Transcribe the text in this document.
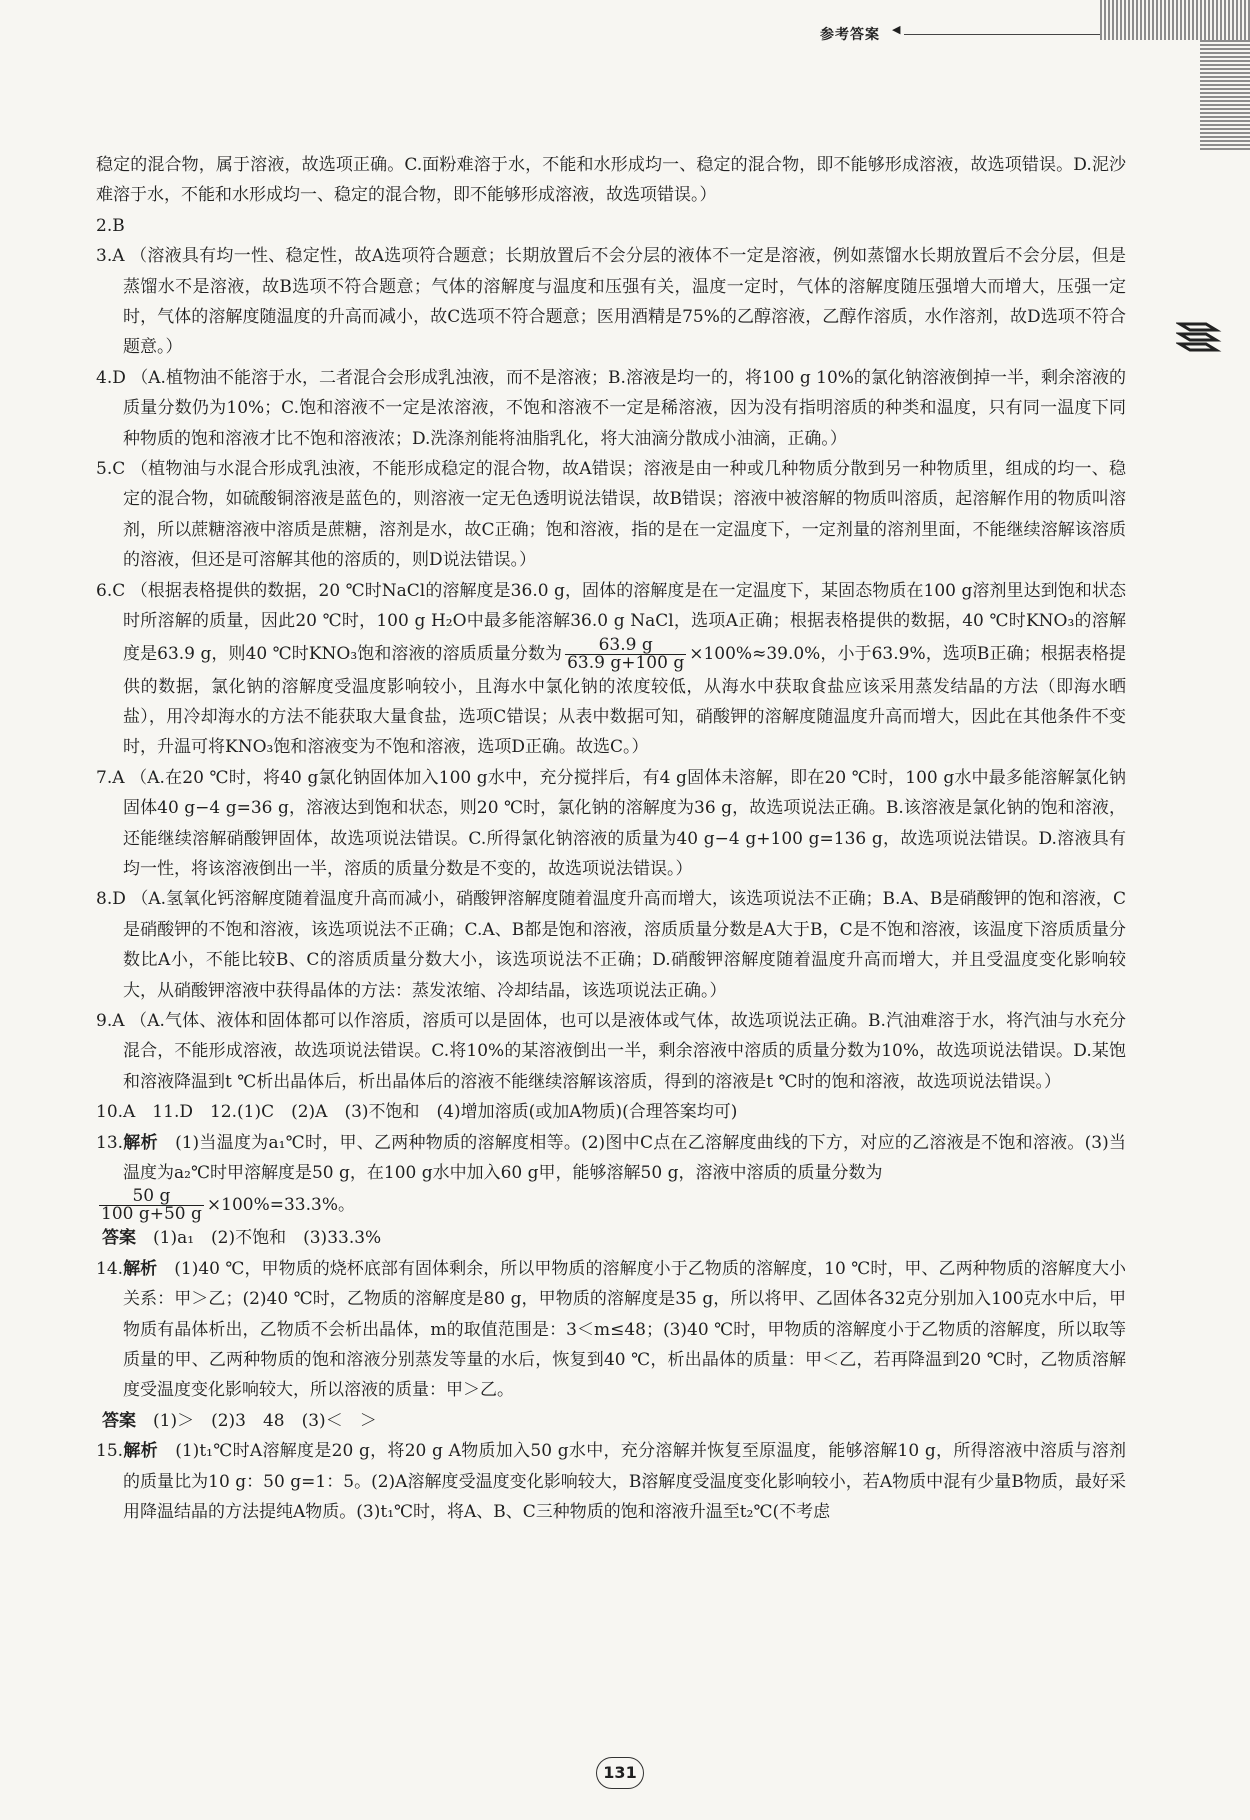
参考答案 ◀

稳定的混合物，属于溶液，故选项正确。C.面粉难溶于水，不能和水形成均一、稳定的混合物，即不能够形成溶液，故选项错误。D.泥沙难溶于水，不能和水形成均一、稳定的混合物，即不能够形成溶液，故选项错误。）

2.B

3.A （溶液具有均一性、稳定性，故A选项符合题意；长期放置后不会分层的液体不一定是溶液，例如蒸馏水长期放置后不会分层，但是蒸馏水不是溶液，故B选项不符合题意；气体的溶解度与温度和压强有关，温度一定时，气体的溶解度随压强增大而增大，压强一定时，气体的溶解度随温度的升高而减小，故C选项不符合题意；医用酒精是75%的乙醇溶液，乙醇作溶质，水作溶剂，故D选项不符合题意。）

4.D （A.植物油不能溶于水，二者混合会形成乳浊液，而不是溶液；B.溶液是均一的，将100 g 10%的氯化钠溶液倒掉一半，剩余溶液的质量分数仍为10%；C.饱和溶液不一定是浓溶液，不饱和溶液不一定是稀溶液，因为没有指明溶质的种类和温度，只有同一温度下同种物质的饱和溶液才比不饱和溶液浓；D.洗涤剂能将油脂乳化，将大油滴分散成小油滴，正确。）

5.C （植物油与水混合形成乳浊液，不能形成稳定的混合物，故A错误；溶液是由一种或几种物质分散到另一种物质里，组成的均一、稳定的混合物，如硫酸铜溶液是蓝色的，则溶液一定无色透明说法错误，故B错误；溶液中被溶解的物质叫溶质，起溶解作用的物质叫溶剂，所以蔗糖溶液中溶质是蔗糖，溶剂是水，故C正确；饱和溶液，指的是在一定温度下，一定剂量的溶剂里面，不能继续溶解该溶质的溶液，但还是可溶解其他的溶质的，则D说法错误。）

6.C （根据表格提供的数据，20 ℃时NaCl的溶解度是36.0 g，固体的溶解度是在一定温度下，某固态物质在100 g溶剂里达到饱和状态时所溶解的质量，因此20 ℃时，100 g H₂O中最多能溶解36.0 g NaCl，选项A正确；根据表格提供的数据，40 ℃时KNO₃的溶解度是63.9 g，则40 ℃时KNO₃饱和溶液的溶质质量分数为 $\frac{63.9 g}{63.9 g+100 g} \times 100\%\approx 39.0\%$，小于63.9%，选项B正确；根据表格提供的数据，氯化钠的溶解度受温度影响较小，且海水中氯化钠的浓度较低，从海水中获取食盐应该采用蒸发结晶的方法（即海水晒盐），用冷却海水的方法不能获取大量食盐，选项C错误；从表中数据可知，硝酸钾的溶解度随温度升高而增大，因此在其他条件不变时，升温可将KNO₃饱和溶液变为不饱和溶液，选项D正确。故选C。）

7.A （A.在20 ℃时，将40 g氯化钠固体加入100 g水中，充分搅拌后，有4 g固体未溶解，即在20 ℃时，100 g水中最多能溶解氯化钠固体40 g−4 g=36 g，溶液达到饱和状态，则20 ℃时，氯化钠的溶解度为36 g，故选项说法正确。B.该溶液是氯化钠的饱和溶液，还能继续溶解硝酸钾固体，故选项说法错误。C.所得氯化钠溶液的质量为40 g−4 g+100 g=136 g，故选项说法错误。D.溶液具有均一性，将该溶液倒出一半，溶质的质量分数是不变的，故选项说法错误。）

8.D （A.氢氧化钙溶解度随着温度升高而减小，硝酸钾溶解度随着温度升高而增大，该选项说法不正确；B.A、B是硝酸钾的饱和溶液，C是硝酸钾的不饱和溶液，该选项说法不正确；C.A、B都是饱和溶液，溶质质量分数是A大于B，C是不饱和溶液，该温度下溶质质量分数比A小，不能比较B、C的溶质质量分数大小，该选项说法不正确；D.硝酸钾溶解度随着温度升高而增大，并且受温度变化影响较大，从硝酸钾溶液中获得晶体的方法：蒸发浓缩、冷却结晶，该选项说法正确。）

9.A （A.气体、液体和固体都可以作溶质，溶质可以是固体，也可以是液体或气体，故选项说法正确。B.汽油难溶于水，将汽油与水充分混合，不能形成溶液，故选项说法错误。C.将10%的某溶液倒出一半，剩余溶液中溶质的质量分数为10%，故选项说法错误。D.某饱和溶液降温到t ℃析出晶体后，析出晶体后的溶液不能继续溶解该溶质，得到的溶液是t ℃时的饱和溶液，故选项说法错误。）

10.A　11.D　12.(1)C　(2)A　(3)不饱和　(4)增加溶质(或加A物质)(合理答案均可)

13.解析　 (1)当温度为a₁℃时，甲、乙两种物质的溶解度相等。(2)图中C点在乙溶解度曲线的下方，对应的乙溶液是不饱和溶液。(3)当温度为a₂℃时甲溶解度是50 g，在100 g水中加入60 g甲，能够溶解50 g，溶液中溶质的质量分数为
$\frac{50 g}{100 g+50 g} \times 100\%=33.3\%$。

答案　 (1)a₁　(2)不饱和　(3)33.3%

14.解析　 (1)40 ℃，甲物质的烧杯底部有固体剩余，所以甲物质的溶解度小于乙物质的溶解度，10 ℃时，甲、乙两种物质的溶解度大小关系：甲＞乙；(2)40 ℃时，乙物质的溶解度是80 g，甲物质的溶解度是35 g，所以将甲、乙固体各32克分别加入100克水中后，甲物质有晶体析出，乙物质不会析出晶体，m的取值范围是：3＜m≤48；(3)40 ℃时，甲物质的溶解度小于乙物质的溶解度，所以取等质量的甲、乙两种物质的饱和溶液分别蒸发等量的水后，恢复到40 ℃，析出晶体的质量：甲＜乙，若再降温到20 ℃时，乙物质溶解度受温度变化影响较大，所以溶液的质量：甲＞乙。

答案　 (1)＞　(2)3　48　(3)＜　＞

15.解析　 (1)t₁℃时A溶解度是20 g，将20 g A物质加入50 g水中，充分溶解并恢复至原温度，能够溶解10 g，所得溶液中溶质与溶剂的质量比为10 g：50 g=1：5。(2)A溶解度受温度变化影响较大，B溶解度受温度变化影响较小，若A物质中混有少量B物质，最好采用降温结晶的方法提纯A物质。(3)t₁℃时，将A、B、C三种物质的饱和溶液升温至t₂℃(不考虑

131
